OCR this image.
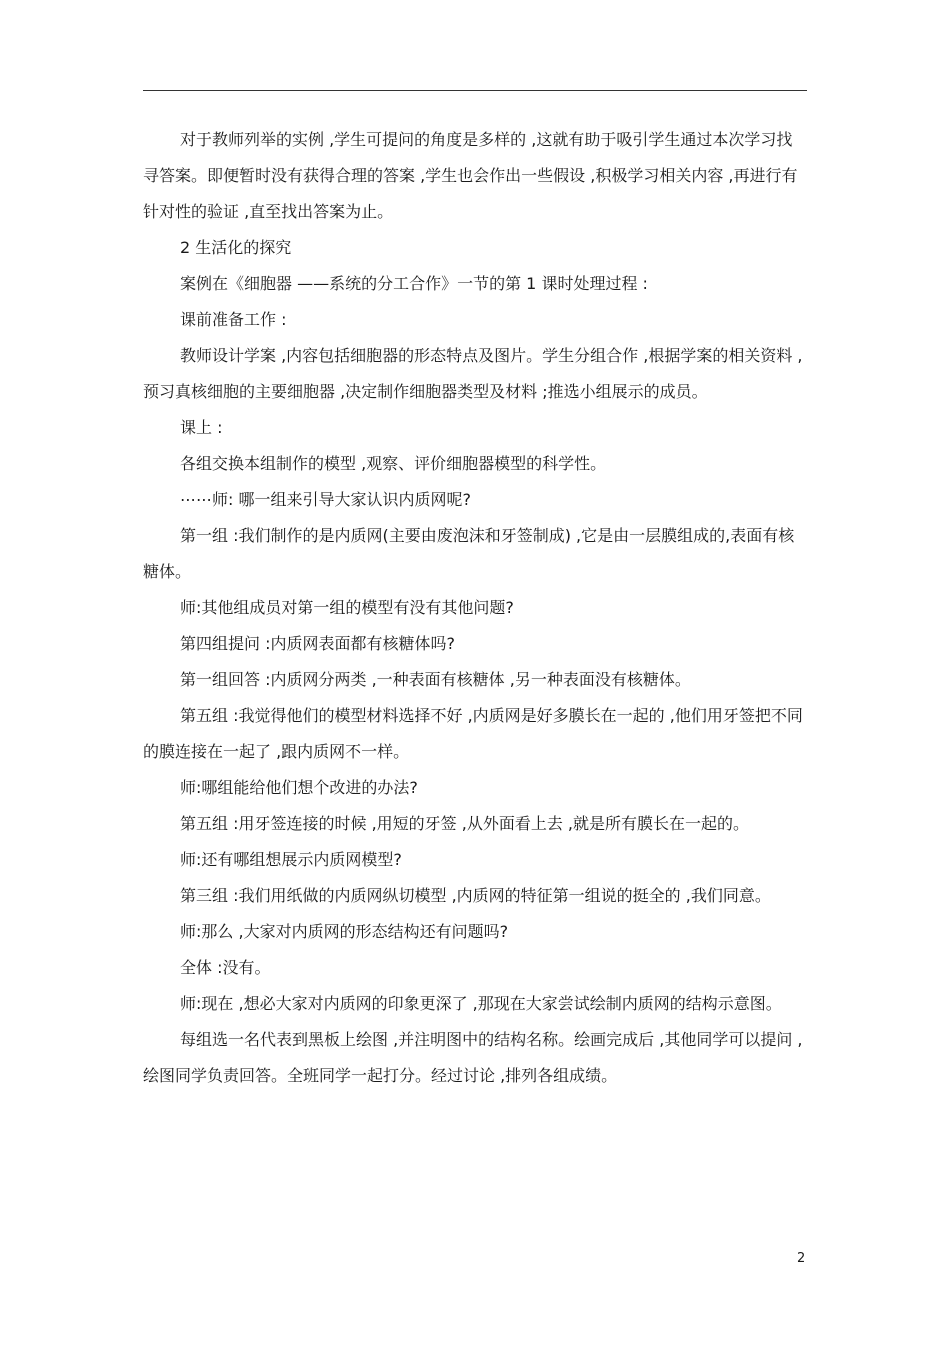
对于教师列举的实例 ,学生可提问的角度是多样的 ,这就有助于吸引学生通过本次学习找寻答案。即便暂时没有获得合理的答案 ,学生也会作出一些假设 ,积极学习相关内容 ,再进行有针对性的验证 ,直至找出答案为止。

2 生活化的探究

案例在《细胞器 ——系统的分工合作》一节的第 1 课时处理过程 :

课前准备工作 :

教师设计学案 ,内容包括细胞器的形态特点及图片。学生分组合作 ,根据学案的相关资料 ,预习真核细胞的主要细胞器 ,决定制作细胞器类型及材料 ;推选小组展示的成员。

课上 :

各组交换本组制作的模型 ,观察、评价细胞器模型的科学性。

⋯⋯师: 哪一组来引导大家认识内质网呢?

第一组 :我们制作的是内质网(主要由废泡沫和牙签制成) ,它是由一层膜组成的,表面有核糖体。

师:其他组成员对第一组的模型有没有其他问题?

第四组提问 :内质网表面都有核糖体吗?

第一组回答 :内质网分两类 ,一种表面有核糖体 ,另一种表面没有核糖体。

第五组 :我觉得他们的模型材料选择不好 ,内质网是好多膜长在一起的 ,他们用牙签把不同的膜连接在一起了 ,跟内质网不一样。

师:哪组能给他们想个改进的办法?

第五组 :用牙签连接的时候 ,用短的牙签 ,从外面看上去 ,就是所有膜长在一起的。

师:还有哪组想展示内质网模型?

第三组 :我们用纸做的内质网纵切模型 ,内质网的特征第一组说的挺全的 ,我们同意。

师:那么 ,大家对内质网的形态结构还有问题吗?

全体 :没有。

师:现在 ,想必大家对内质网的印象更深了 ,那现在大家尝试绘制内质网的结构示意图。

每组选一名代表到黑板上绘图 ,并注明图中的结构名称。绘画完成后 ,其他同学可以提问 ,绘图同学负责回答。全班同学一起打分。经过讨论 ,排列各组成绩。

2
